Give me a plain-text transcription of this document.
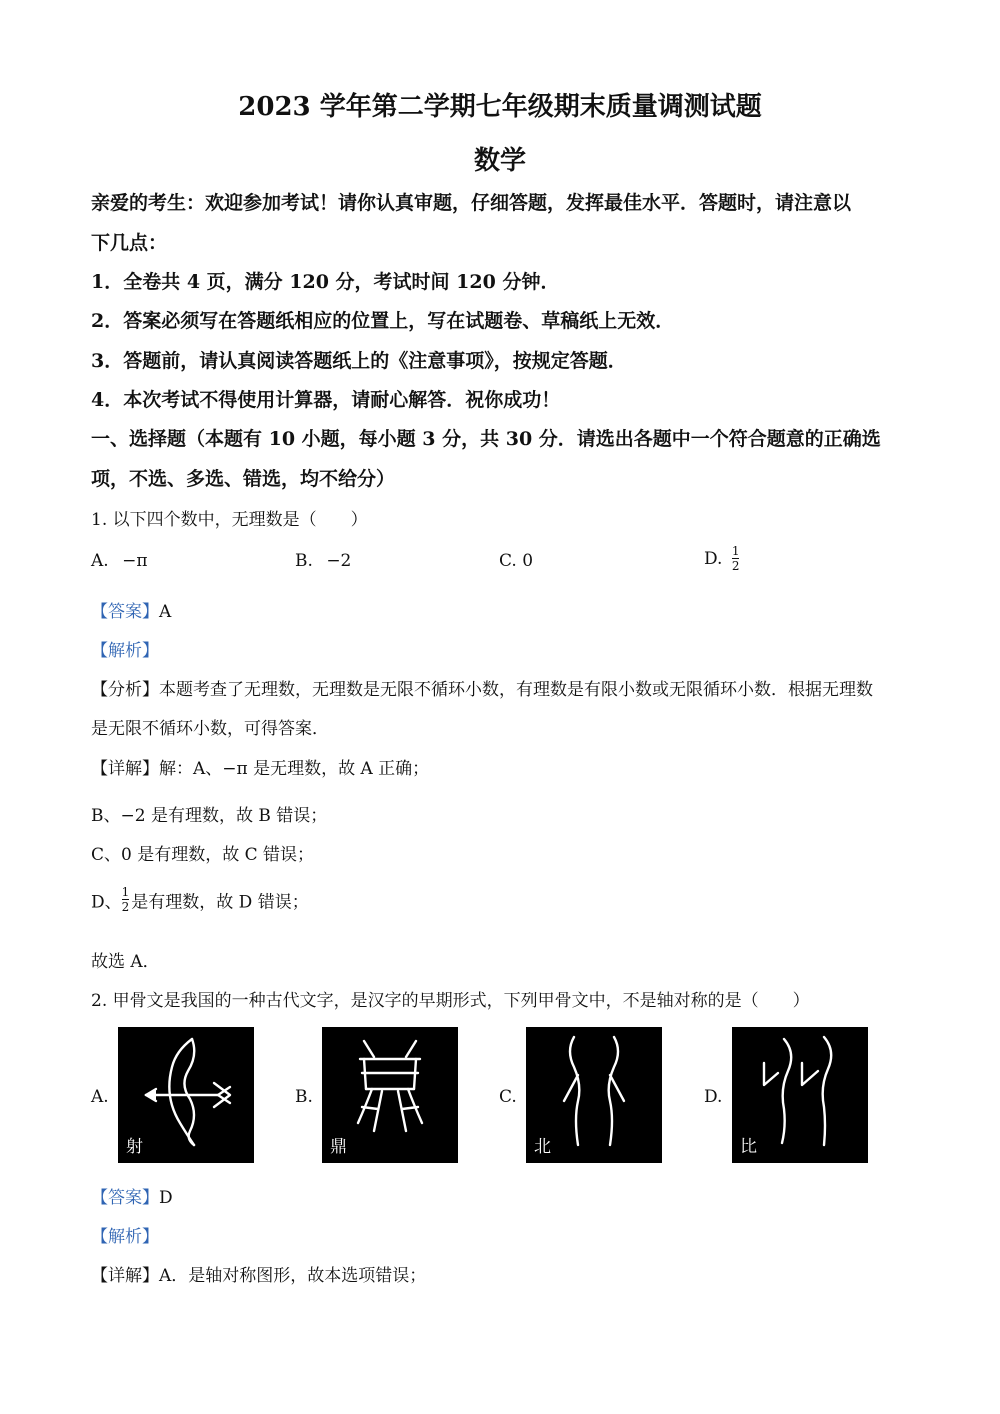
2023 学年第二学期七年级期末质量调测试题
数学
亲爱的考生：欢迎参加考试！请你认真审题，仔细答题，发挥最佳水平．答题时，请注意以
下几点：
1．全卷共 4 页，满分 120 分，考试时间 120 分钟．
2．答案必须写在答题纸相应的位置上，写在试题卷、草稿纸上无效．
3．答题前，请认真阅读答题纸上的《注意事项》，按规定答题．
4．本次考试不得使用计算器，请耐心解答．祝你成功！
一、选择题（本题有 10 小题，每小题 3 分，共 30 分．请选出各题中一个符合题意的正确选
项，不选、多选、错选，均不给分）
1. 以下四个数中，无理数是（　　）
A. −π	B. −2	C. 0	D. $\frac{1}{2}$
【答案】A
【解析】
【分析】本题考查了无理数，无理数是无限不循环小数，有理数是有限小数或无限循环小数．根据无理数
是无限不循环小数，可得答案．
【详解】解：A、−π 是无理数，故 A 正确；
B、−2 是有理数，故 B 错误；
C、0 是有理数，故 C 错误；
D、 $\frac{1}{2}$ 是有理数，故 D 错误；
故选 A．
2. 甲骨文是我国的一种古代文字，是汉字的早期形式，下列甲骨文中，不是轴对称的是（　　）
A.
射
B.
鼎
C.
北
D.
比
【答案】D
【解析】
【详解】A．是轴对称图形，故本选项错误；
